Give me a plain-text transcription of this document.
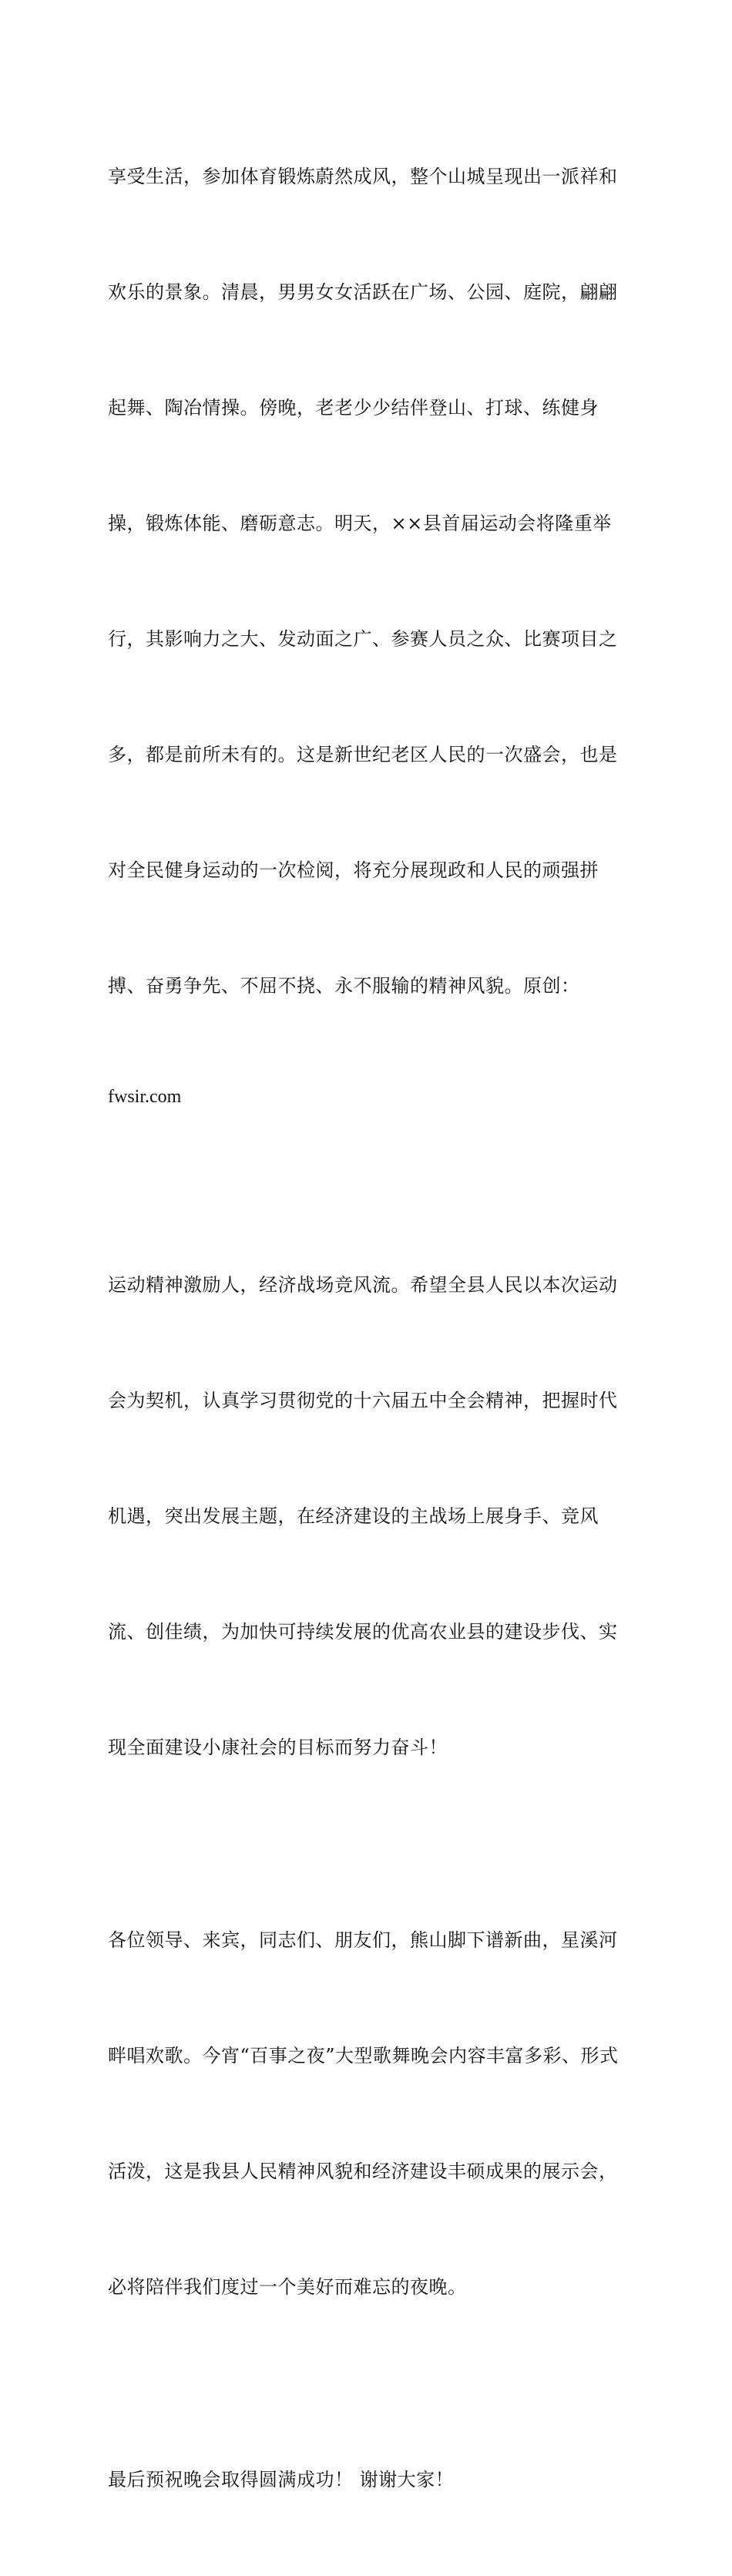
享受生活，参加体育锻炼蔚然成风，整个山城呈现出一派祥和

欢乐的景象。清晨，男男女女活跃在广场、公园、庭院，翩翩

起舞、陶冶情操。傍晚，老老少少结伴登山、打球、练健身

操，锻炼体能、磨砺意志。明天，××县首届运动会将隆重举

行，其影响力之大、发动面之广、参赛人员之众、比赛项目之

多，都是前所未有的。这是新世纪老区人民的一次盛会，也是

对全民健身运动的一次检阅，将充分展现政和人民的顽强拼

搏、奋勇争先、不屈不挠、永不服输的精神风貌。原创：

fwsir.com

运动精神激励人，经济战场竞风流。希望全县人民以本次运动

会为契机，认真学习贯彻党的十六届五中全会精神，把握时代

机遇，突出发展主题，在经济建设的主战场上展身手、竞风

流、创佳绩，为加快可持续发展的优高农业县的建设步伐、实

现全面建设小康社会的目标而努力奋斗！

各位领导、来宾，同志们、朋友们，熊山脚下谱新曲，星溪河

畔唱欢歌。今宵“百事之夜”大型歌舞晚会内容丰富多彩、形式

活泼，这是我县人民精神风貌和经济建设丰硕成果的展示会，

必将陪伴我们度过一个美好而难忘的夜晚。

最后预祝晚会取得圆满成功！ 谢谢大家！
